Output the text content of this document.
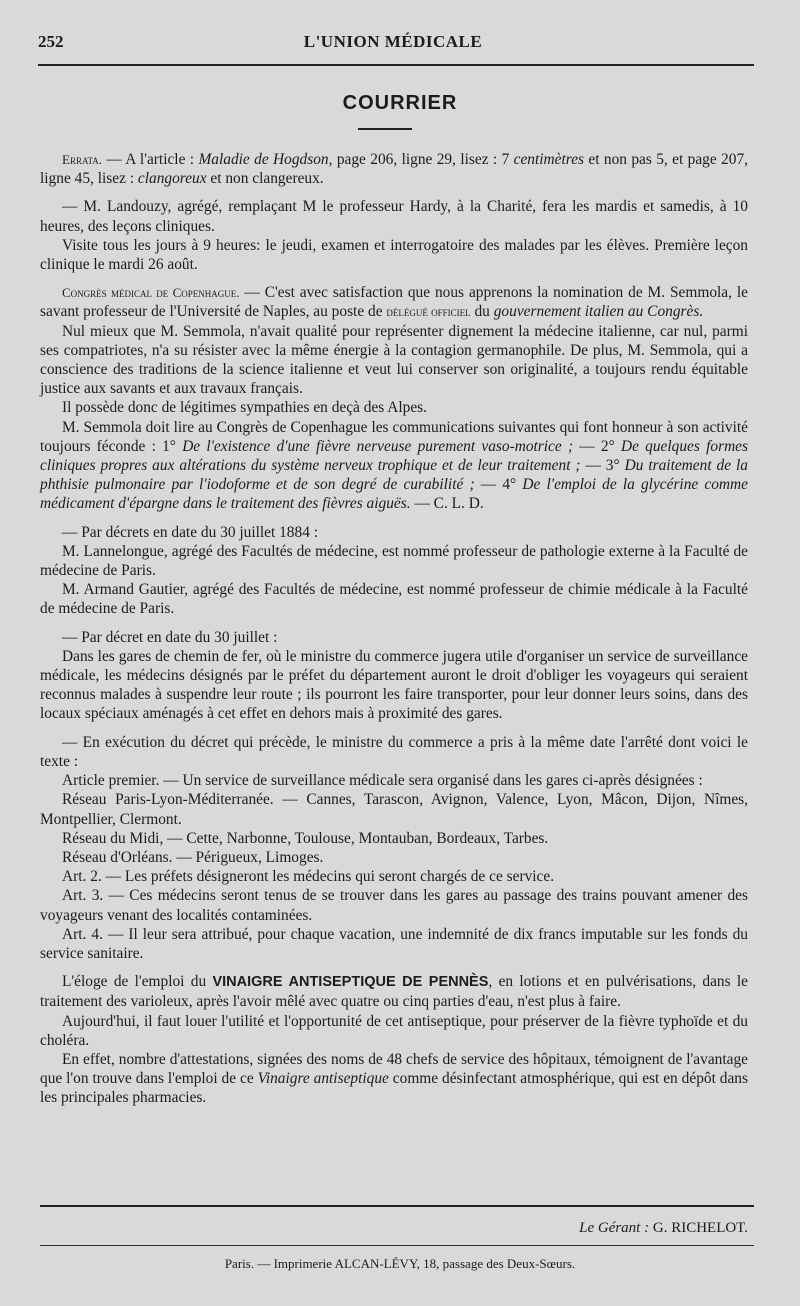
252	L'UNION MÉDICALE
COURRIER

Errata. — A l'article : Maladie de Hogdson, page 206, ligne 29, lisez : 7 centimètres et non pas 5, et page 207, ligne 45, lisez : clangoreux et non clangereux.

— M. Landouzy, agrégé, remplaçant M le professeur Hardy, à la Charité, fera les mardis et samedis, à 10 heures, des leçons cliniques.

Visite tous les jours à 9 heures: le jeudi, examen et interrogatoire des malades par les élèves. Première leçon clinique le mardi 26 août.

Congrès médical de Copenhague. — C'est avec satisfaction que nous apprenons la nomination de M. Semmola, le savant professeur de l'Université de Naples, au poste de délégué officiel du gouvernement italien au Congrès.

Nul mieux que M. Semmola, n'avait qualité pour représenter dignement la médecine italienne, car nul, parmi ses compatriotes, n'a su résister avec la même énergie à la contagion germanophile. De plus, M. Semmola, qui a conscience des traditions de la science italienne et veut lui conserver son originalité, a toujours rendu équitable justice aux savants et aux travaux français.

Il possède donc de légitimes sympathies en deçà des Alpes.

M. Semmola doit lire au Congrès de Copenhague les communications suivantes qui font honneur à son activité toujours féconde : 1° De l'existence d'une fièvre nerveuse purement vaso-motrice ; — 2° De quelques formes cliniques propres aux altérations du système nerveux trophique et de leur traitement ; — 3° Du traitement de la phthisie pulmonaire par l'iodoforme et de son degré de curabilité ; — 4° De l'emploi de la glycérine comme médicament d'épargne dans le traitement des fièvres aiguës. — C. L. D.

— Par décrets en date du 30 juillet 1884 :

M. Lannelongue, agrégé des Facultés de médecine, est nommé professeur de pathologie externe à la Faculté de médecine de Paris.

M. Armand Gautier, agrégé des Facultés de médecine, est nommé professeur de chimie médicale à la Faculté de médecine de Paris.

— Par décret en date du 30 juillet :

Dans les gares de chemin de fer, où le ministre du commerce jugera utile d'organiser un service de surveillance médicale, les médecins désignés par le préfet du département auront le droit d'obliger les voyageurs qui seraient reconnus malades à suspendre leur route ; ils pourront les faire transporter, pour leur donner leurs soins, dans des locaux spéciaux aménagés à cet effet en dehors mais à proximité des gares.

— En exécution du décret qui précède, le ministre du commerce a pris à la même date l'arrêté dont voici le texte :

Article premier. — Un service de surveillance médicale sera organisé dans les gares ci-après désignées :

Réseau Paris-Lyon-Méditerranée. — Cannes, Tarascon, Avignon, Valence, Lyon, Mâcon, Dijon, Nîmes, Montpellier, Clermont.

Réseau du Midi, — Cette, Narbonne, Toulouse, Montauban, Bordeaux, Tarbes.

Réseau d'Orléans. — Périgueux, Limoges.

Art. 2. — Les préfets désigneront les médecins qui seront chargés de ce service.

Art. 3. — Ces médecins seront tenus de se trouver dans les gares au passage des trains pouvant amener des voyageurs venant des localités contaminées.

Art. 4. — Il leur sera attribué, pour chaque vacation, une indemnité de dix francs imputable sur les fonds du service sanitaire.

L'éloge de l'emploi du VINAIGRE ANTISEPTIQUE DE PENNÈS, en lotions et en pulvérisations, dans le traitement des varioleux, après l'avoir mêlé avec quatre ou cinq parties d'eau, n'est plus à faire.

Aujourd'hui, il faut louer l'utilité et l'opportunité de cet antiseptique, pour préserver de la fièvre typhoïde et du choléra.

En effet, nombre d'attestations, signées des noms de 48 chefs de service des hôpitaux, témoignent de l'avantage que l'on trouve dans l'emploi de ce Vinaigre antiseptique comme désinfectant atmosphérique, qui est en dépôt dans les principales pharmacies.

Le Gérant : G. RICHELOT.
Paris. — Imprimerie ALCAN-LÉVY, 18, passage des Deux-Sœurs.
